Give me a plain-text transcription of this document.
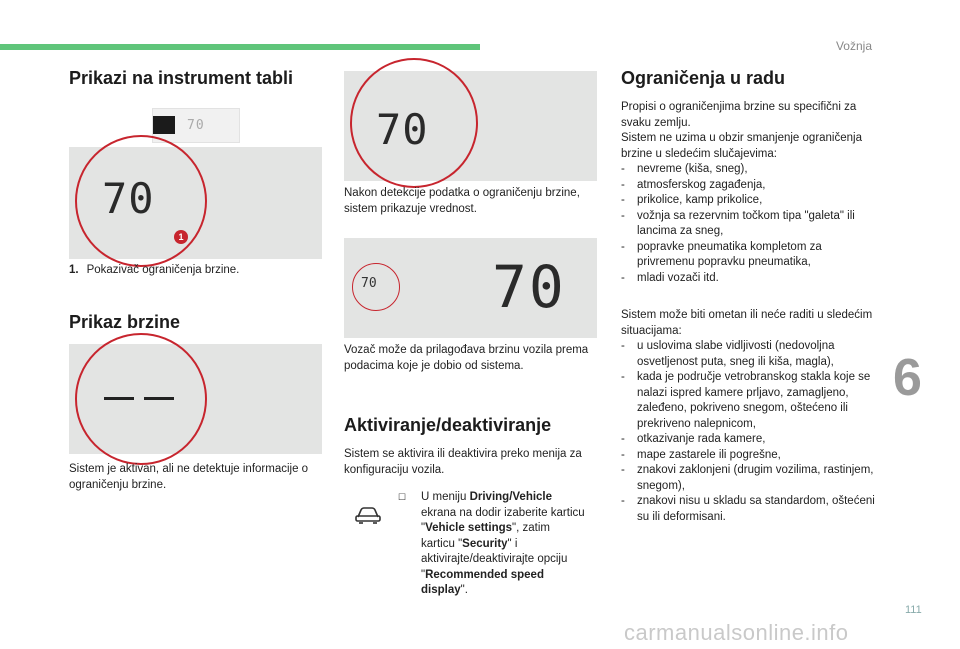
Vožnja
Prikazi na instrument tabli
70
70
1
1. Pokazivač ograničenja brzine.
Prikaz brzine
Sistem je aktivan, ali ne detektuje informacije o ograničenju brzine.
70
Nakon detekcije podatka o ograničenju brzine, sistem prikazuje vrednost.
70 70
Vozač može da prilagođava brzinu vozila prema podacima koje je dobio od sistema.
Aktiviranje/deaktiviranje
Sistem se aktivira ili deaktivira preko menija za konfiguraciju vozila.
☐	U meniju Driving/Vehicle ekrana na dodir izaberite karticu "Vehicle settings", zatim karticu "Security" i aktivirajte/deaktivirajte opciju "Recommended speed display".
Ograničenja u radu
Propisi o ograničenjima brzine su specifični za svaku zemlju.
Sistem ne uzima u obzir smanjenje ograničenja brzine u sledećim slučajevima:
- nevreme (kiša, sneg),
- atmosferskog zagađenja,
- prikolice, kamp prikolice,
- vožnja sa rezervnim točkom tipa "galeta" ili lancima za sneg,
- popravke pneumatika kompletom za privremenu popravku pneumatika,
- mladi vozači itd.
Sistem može biti ometan ili neće raditi u sledećim situacijama:
- u uslovima slabe vidljivosti (nedovoljna osvetljenost puta, sneg ili kiša, magla),
- kada je područje vetrobranskog stakla koje se nalazi ispred kamere prljavo, zamagljeno, zaleđeno, pokriveno snegom, oštećeno ili prekriveno nalepnicom,
- otkazivanje rada kamere,
- mape zastarele ili pogrešne,
- znakovi zaklonjeni (drugim vozilima, rastinjem, snegom),
- znakovi nisu u skladu sa standardom, oštećeni su ili deformisani.
6
111
carmanualsonline.info
